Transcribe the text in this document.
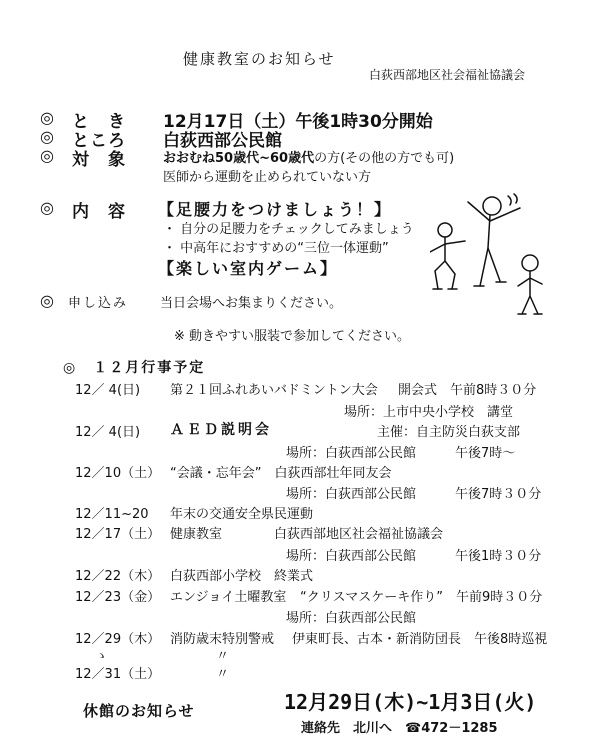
健康教室のお知らせ
白荻西部地区社会福祉協議会
◎ と　き 12月17日（土）午後1時30分開始
◎ ところ 白荻西部公民館
◎ 対　象	おおむね50歳代~60歳代の方(その他の方でも可)
医師から運動を止められていない方
◎ 内　容 【足腰力をつけましょう！】
・ 自分の足腰力をチェックしてみましょう
・ 中高年におすすめの“三位一体運動”
【楽しい室内ゲーム】
◎ 申し込み 当日会場へお集まりください。
※ 動きやすい服装で参加してください。
◎　１２月行事予定
12／ 4(日) 第２１回ふれあいバドミントン大会 開会式　午前8時３０分
場所：上市中央小学校　講堂
12／ 4(日) ＡＥＤ説明会	主催：自主防災白荻支部
場所：白荻西部公民館	午後7時～
12／10（土） “会議・忘年会”　白荻西部壮年同友会
場所：白荻西部公民館	午後7時３０分
12／11~20 年末の交通安全県民運動
12／17（土） 健康教室	白荻西部地区社会福祉協議会
場所：白荻西部公民館	午後1時３０分
12／22（木） 白荻西部小学校　終業式
12／23（金） エンジョイ土曜教室 “クリスマスケーキ作り”　午前9時３０分
場所：白荻西部公民館
12／29（木） 消防歳末特別警戒 伊東町長、古本・新消防団長　午後8時巡視
ゝ	〃
12／31（土）	〃
休館のお知らせ	12月29日(木)~1月3日(火)
連絡先　北川へ　☎472－1285
